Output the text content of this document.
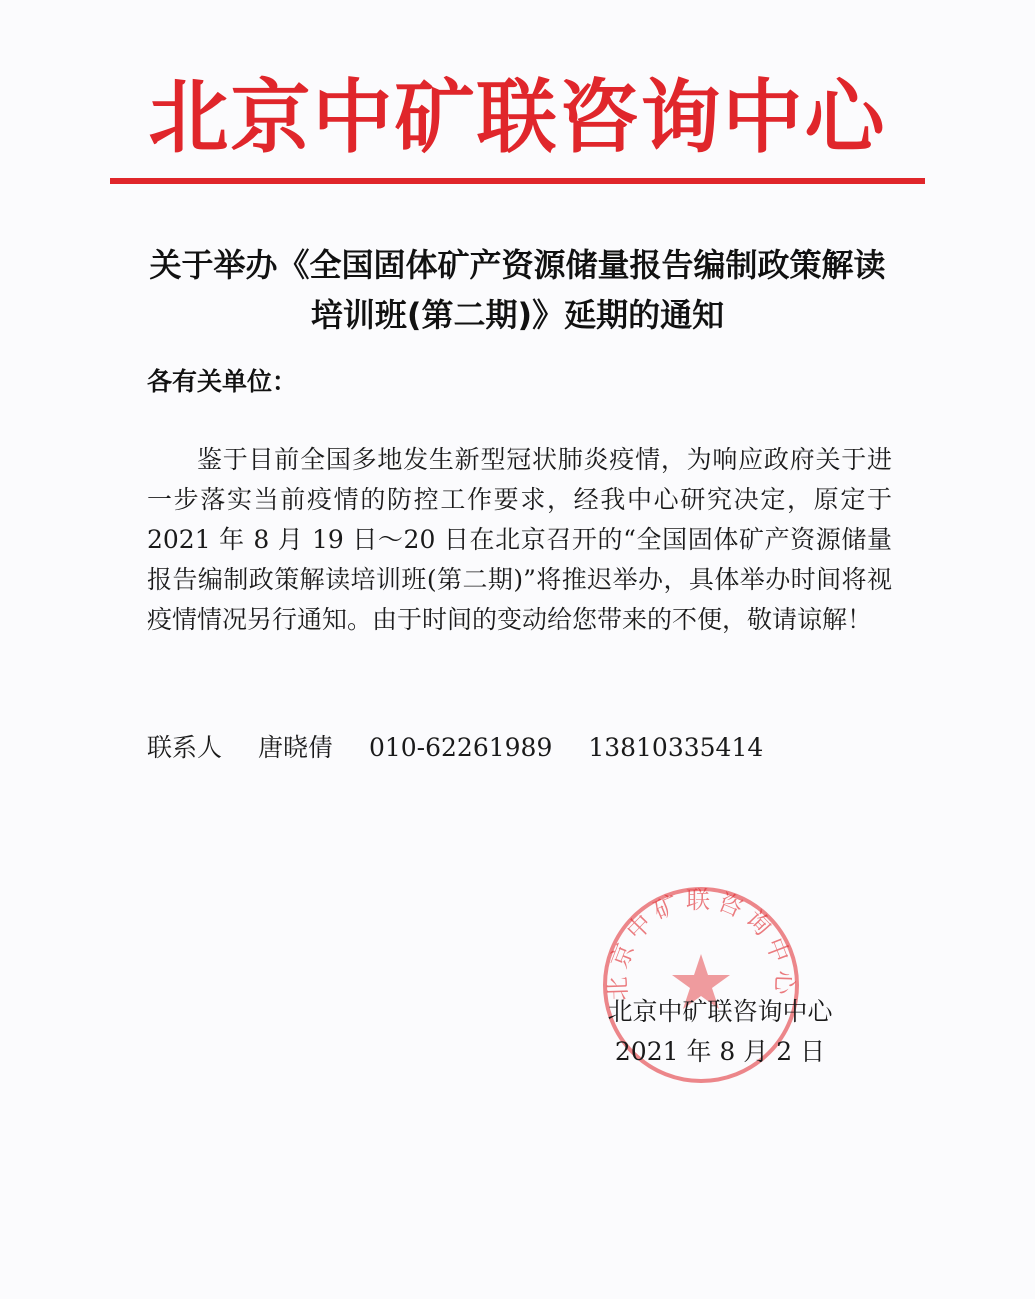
北京中矿联咨询中心
关于举办《全国固体矿产资源储量报告编制政策解读
培训班(第二期)》延期的通知
各有关单位：
鉴于目前全国多地发生新型冠状肺炎疫情，为响应政府关于进一步落实当前疫情的防控工作要求，经我中心研究决定，原定于 2021 年 8 月 19 日～20 日在北京召开的“全国固体矿产资源储量报告编制政策解读培训班(第二期)”将推迟举办，具体举办时间将视疫情情况另行通知。由于时间的变动给您带来的不便，敬请谅解！
联系人 唐晓倩 010-62261989 13810335414
北京中矿联咨询中心
北京中矿联咨询中心
2021 年 8 月 2 日
